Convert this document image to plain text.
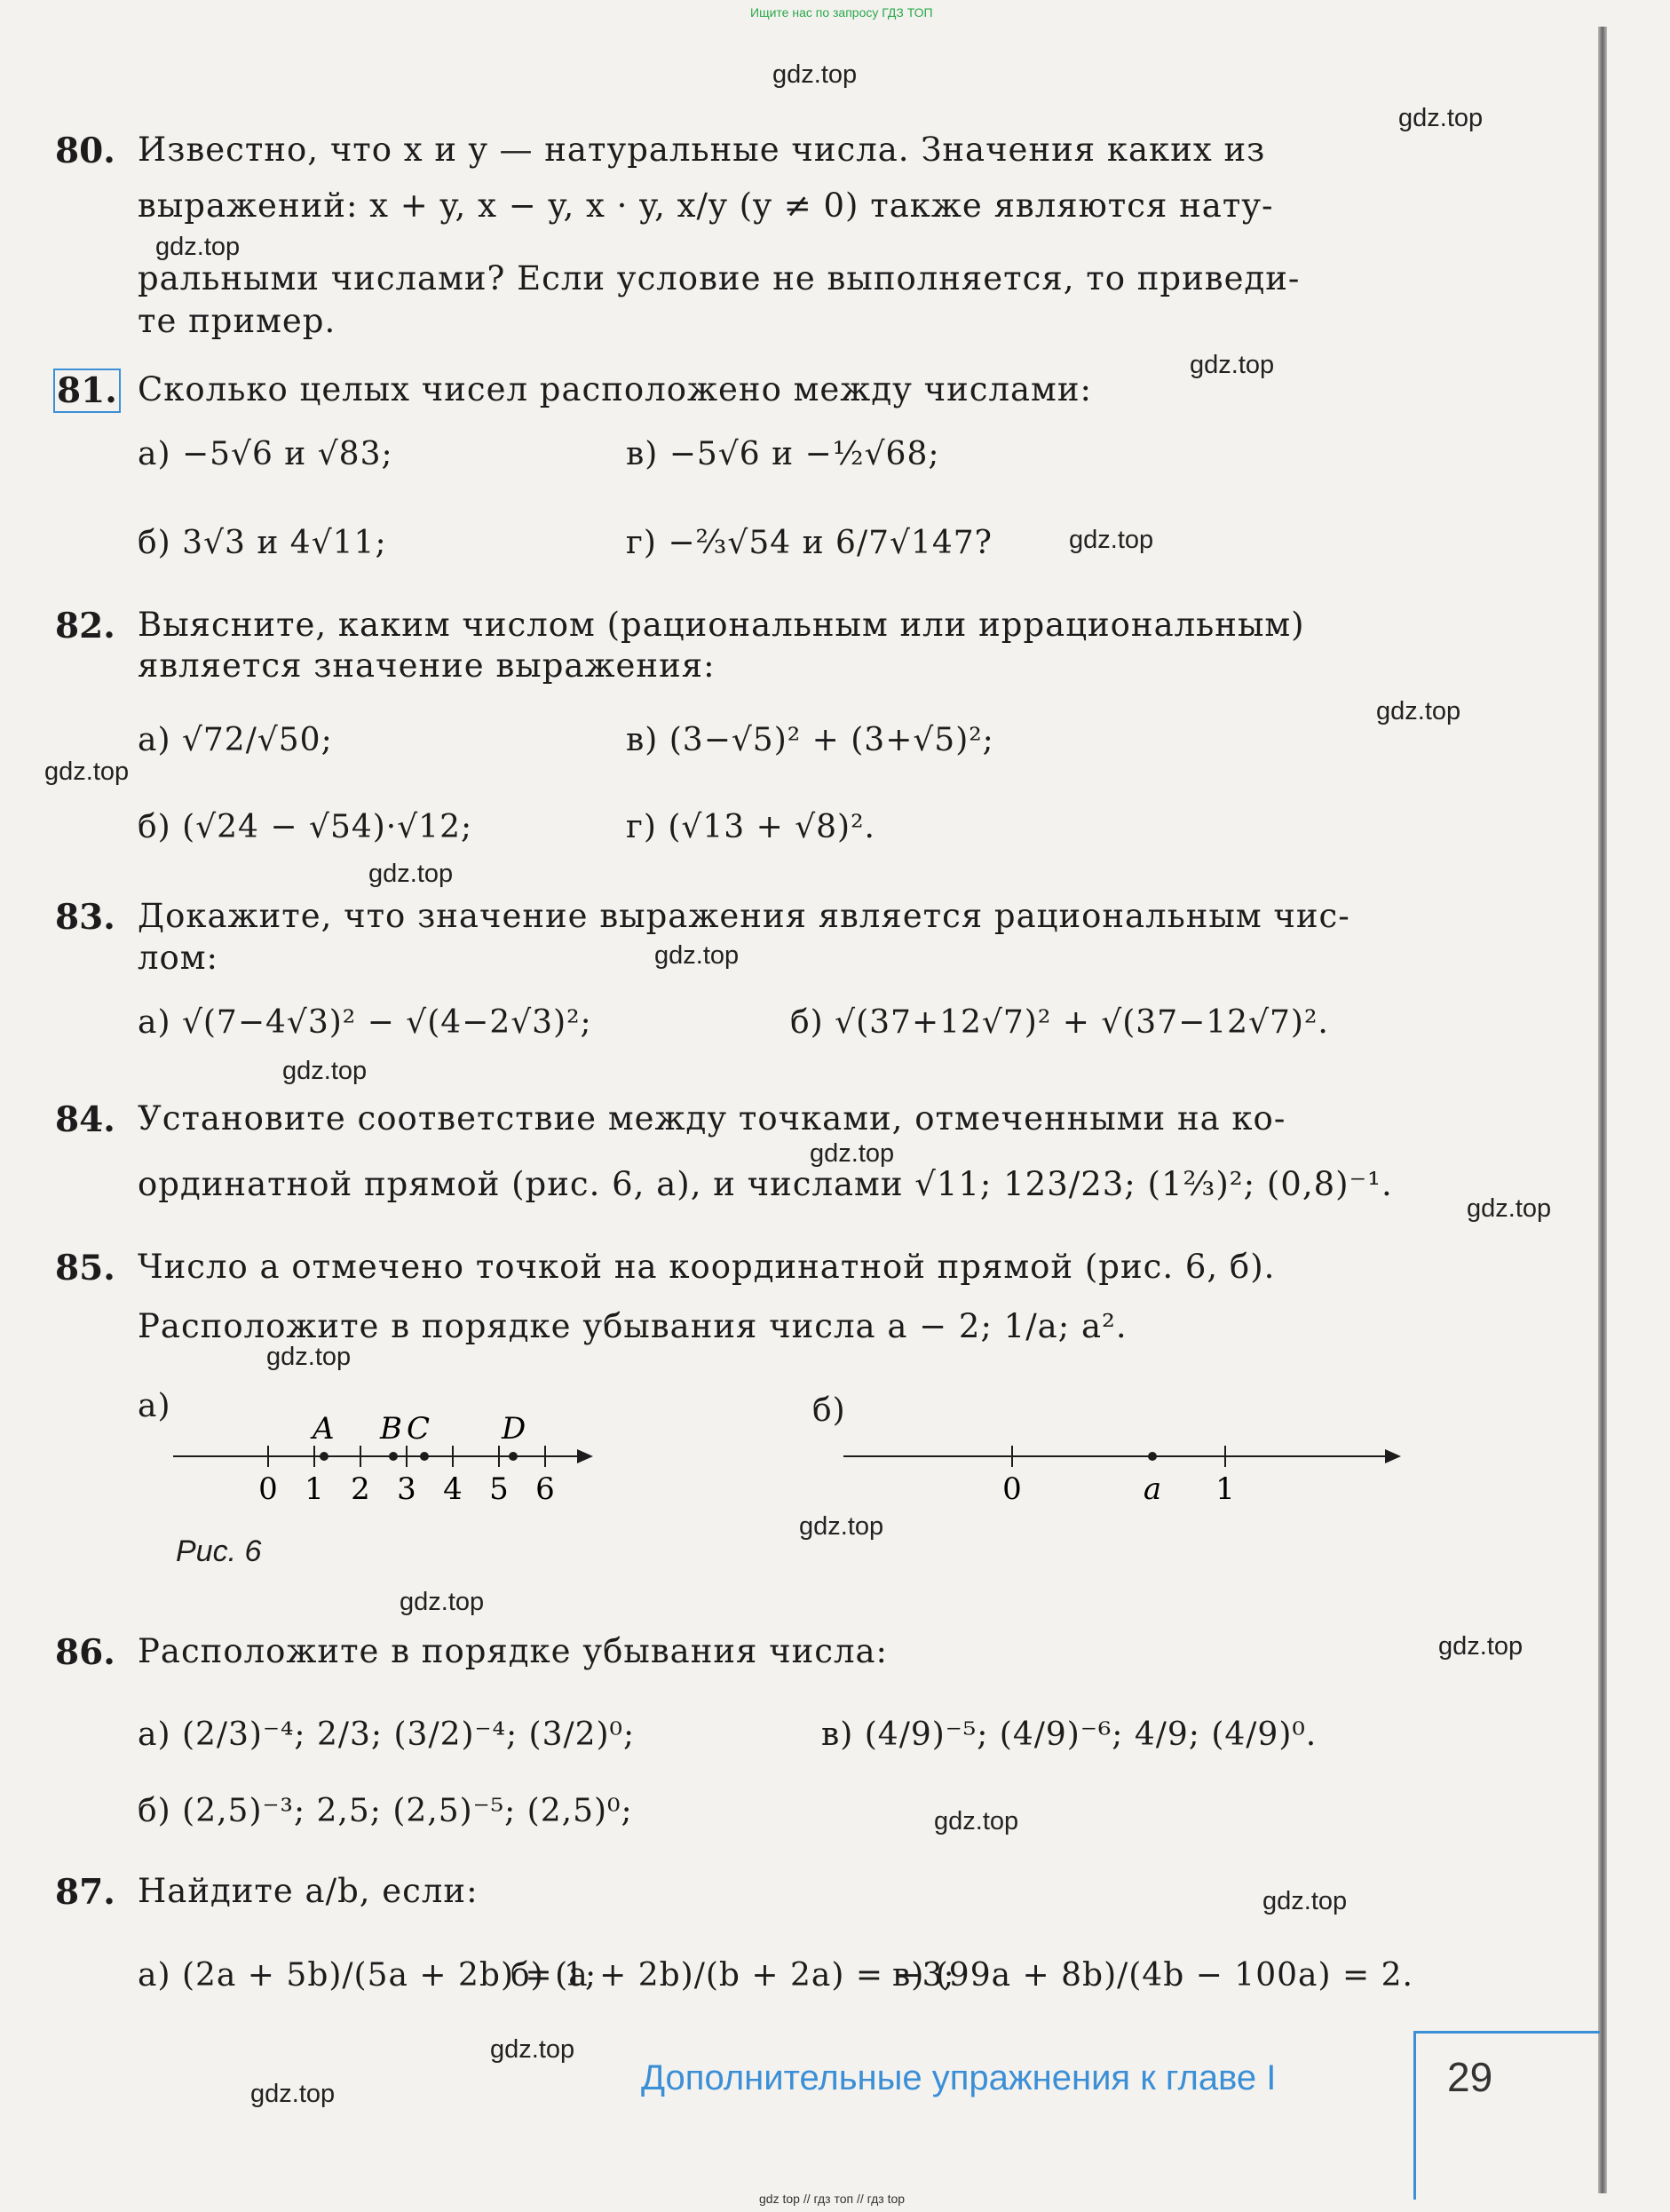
Ищите нас по запросу ГДЗ ТОП
gdz top // гдз топ // гдз top
gdz.top
gdz.top
gdz.top
gdz.top
gdz.top
gdz.top
gdz.top
gdz.top
gdz.top
gdz.top
gdz.top
gdz.top
gdz.top
gdz.top
gdz.top
gdz.top
gdz.top
gdz.top
gdz.top
gdz.top
80. Известно, что x и y — натуральные числа. Значения каких из
выражений: x + y, x − y, x · y, x/y (y ≠ 0) также являются нату-
ральными числами? Если условие не выполняется, то приведи-
те пример.
81. Сколько целых чисел расположено между числами:
а) −5√6 и √83;	в) −5√6 и −½√68;
б) 3√3 и 4√11;	г) −⅔√54 и 6/7√147?
82. Выясните, каким числом (рациональным или иррациональным)
является значение выражения:
а) √72/√50;	в) (3−√5)² + (3+√5)²;
б) (√24 − √54)·√12;	г) (√13 + √8)².
83. Докажите, что значение выражения является рациональным чис-
лом:
а) √(7−4√3)² − √(4−2√3)²;	б) √(37+12√7)² + √(37−12√7)².
84. Установите соответствие между точками, отмеченными на ко-
ординатной прямой (рис. 6, а), и числами √11; 123/23; (1⅔)²; (0,8)⁻¹.
85. Число a отмечено точкой на координатной прямой (рис. 6, б).
Расположите в порядке убывания числа a − 2; 1/a; a².
а)	б)
A B C D
0 1 2 3 4 5 6	0	a 1
Рис. 6
86. Расположите в порядке убывания числа:
а) (2/3)⁻⁴; 2/3; (3/2)⁻⁴; (3/2)⁰;	в) (4/9)⁻⁵; (4/9)⁻⁶; 4/9; (4/9)⁰.
б) (2,5)⁻³; 2,5; (2,5)⁻⁵; (2,5)⁰;
87. Найдите a/b, если:
а) (2a + 5b)/(5a + 2b) = 1;
б) (a + 2b)/(b + 2a) = −3;
в) (99a + 8b)/(4b − 100a) = 2.
Дополнительные упражнения к главе I	29
